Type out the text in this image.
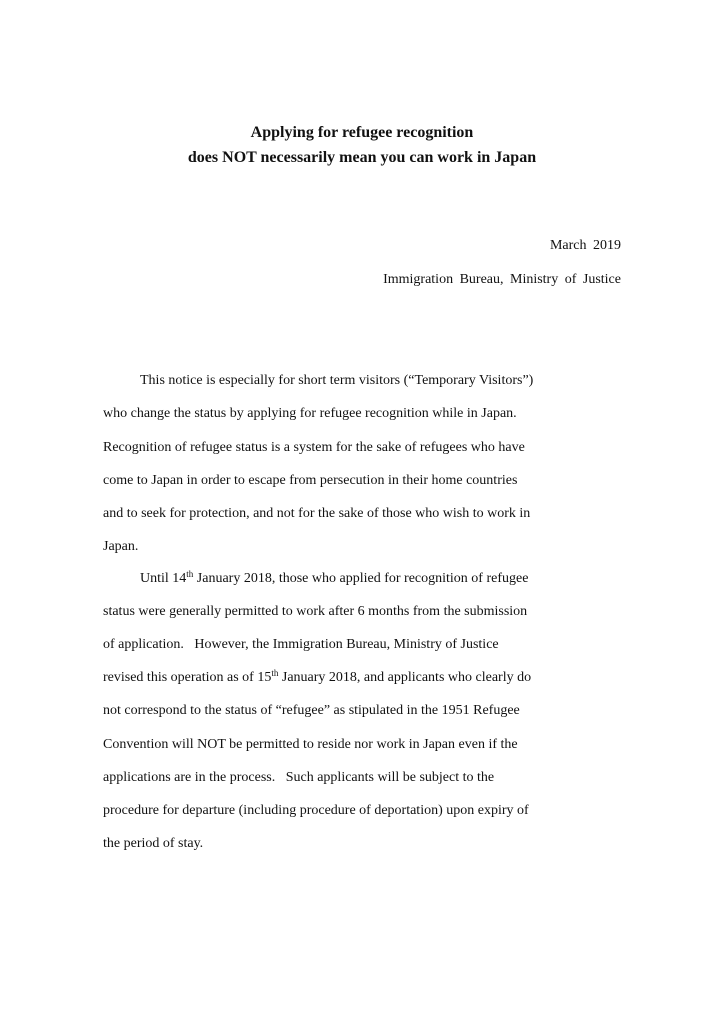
Applying for refugee recognition
does NOT necessarily mean you can work in Japan
March 2019
Immigration Bureau, Ministry of Justice
This notice is especially for short term visitors (“Temporary Visitors”)
who change the status by applying for refugee recognition while in Japan.
Recognition of refugee status is a system for the sake of refugees who have
come to Japan in order to escape from persecution in their home countries
and to seek for protection, and not for the sake of those who wish to work in
Japan.
Until 14th January 2018, those who applied for recognition of refugee
status were generally permitted to work after 6 months from the submission
of application.   However, the Immigration Bureau, Ministry of Justice
revised this operation as of 15th January 2018, and applicants who clearly do
not correspond to the status of “refugee” as stipulated in the 1951 Refugee
Convention will NOT be permitted to reside nor work in Japan even if the
applications are in the process.   Such applicants will be subject to the
procedure for departure (including procedure of deportation) upon expiry of
the period of stay.
